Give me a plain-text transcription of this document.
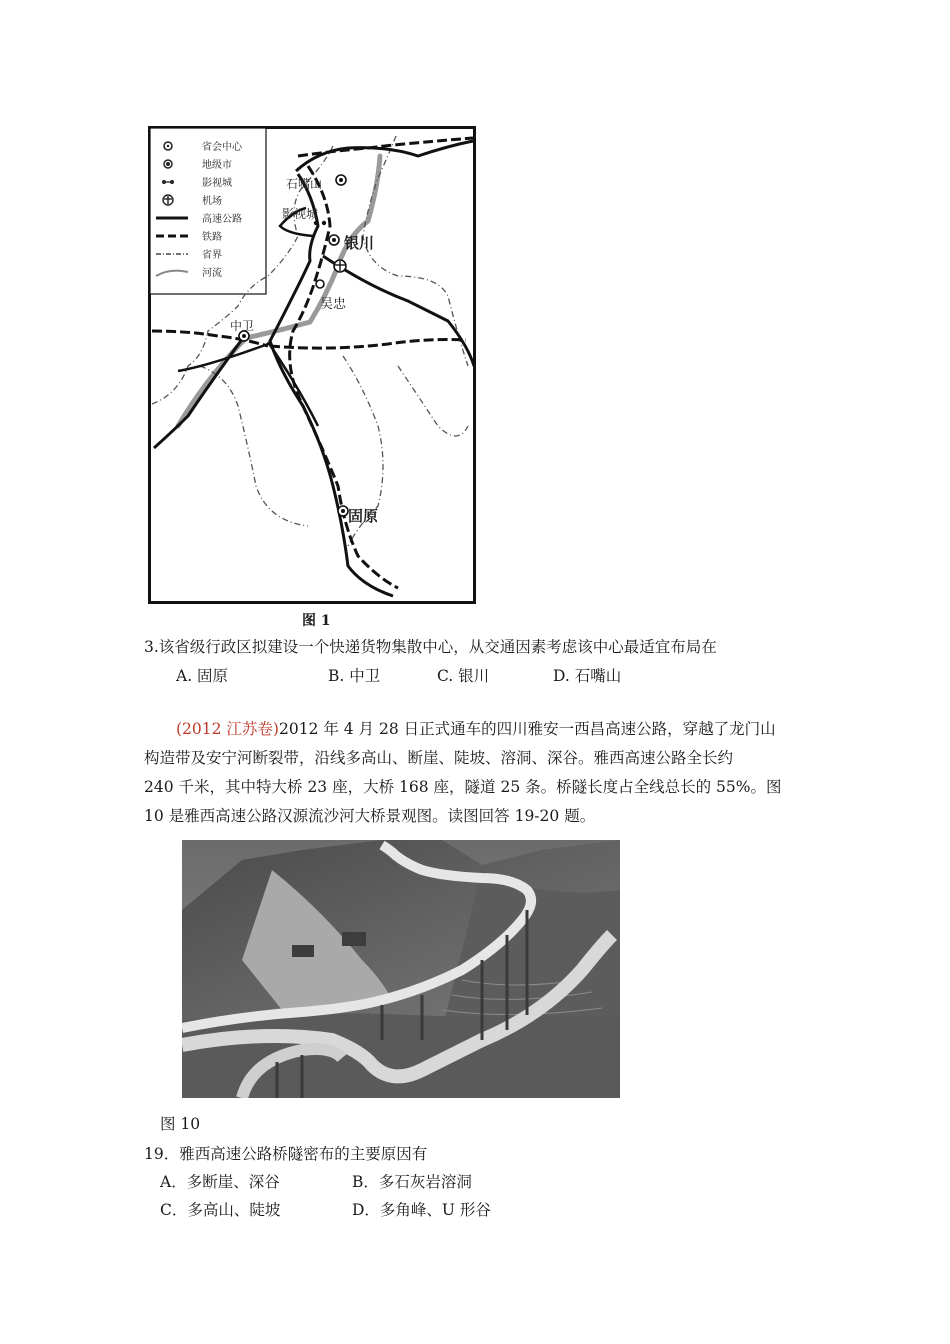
省会中心
地级市
影视城
机场
高速公路
铁路
省界
河流
石嘴山
影视城
银川
吴忠
中卫
固原
图 1
3.该省级行政区拟建设一个快递货物集散中心，从交通因素考虑该中心最适宜布局在
A. 固原	B. 中卫	C. 银川	D. 石嘴山
(2012 江苏卷)2012 年 4 月 28 日正式通车的四川雅安一西昌高速公路，穿越了龙门山
构造带及安宁河断裂带，沿线多高山、断崖、陡坡、溶洞、深谷。雅西高速公路全长约
240 千米，其中特大桥 23 座，大桥 168 座，隧道 25 条。桥隧长度占全线总长的 55%。图
10 是雅西高速公路汉源流沙河大桥景观图。读图回答 19-20 题。
图 10
19．雅西高速公路桥隧密布的主要原因有
A．多断崖、深谷	B．多石灰岩溶洞
C．多高山、陡坡	D．多角峰、U 形谷
